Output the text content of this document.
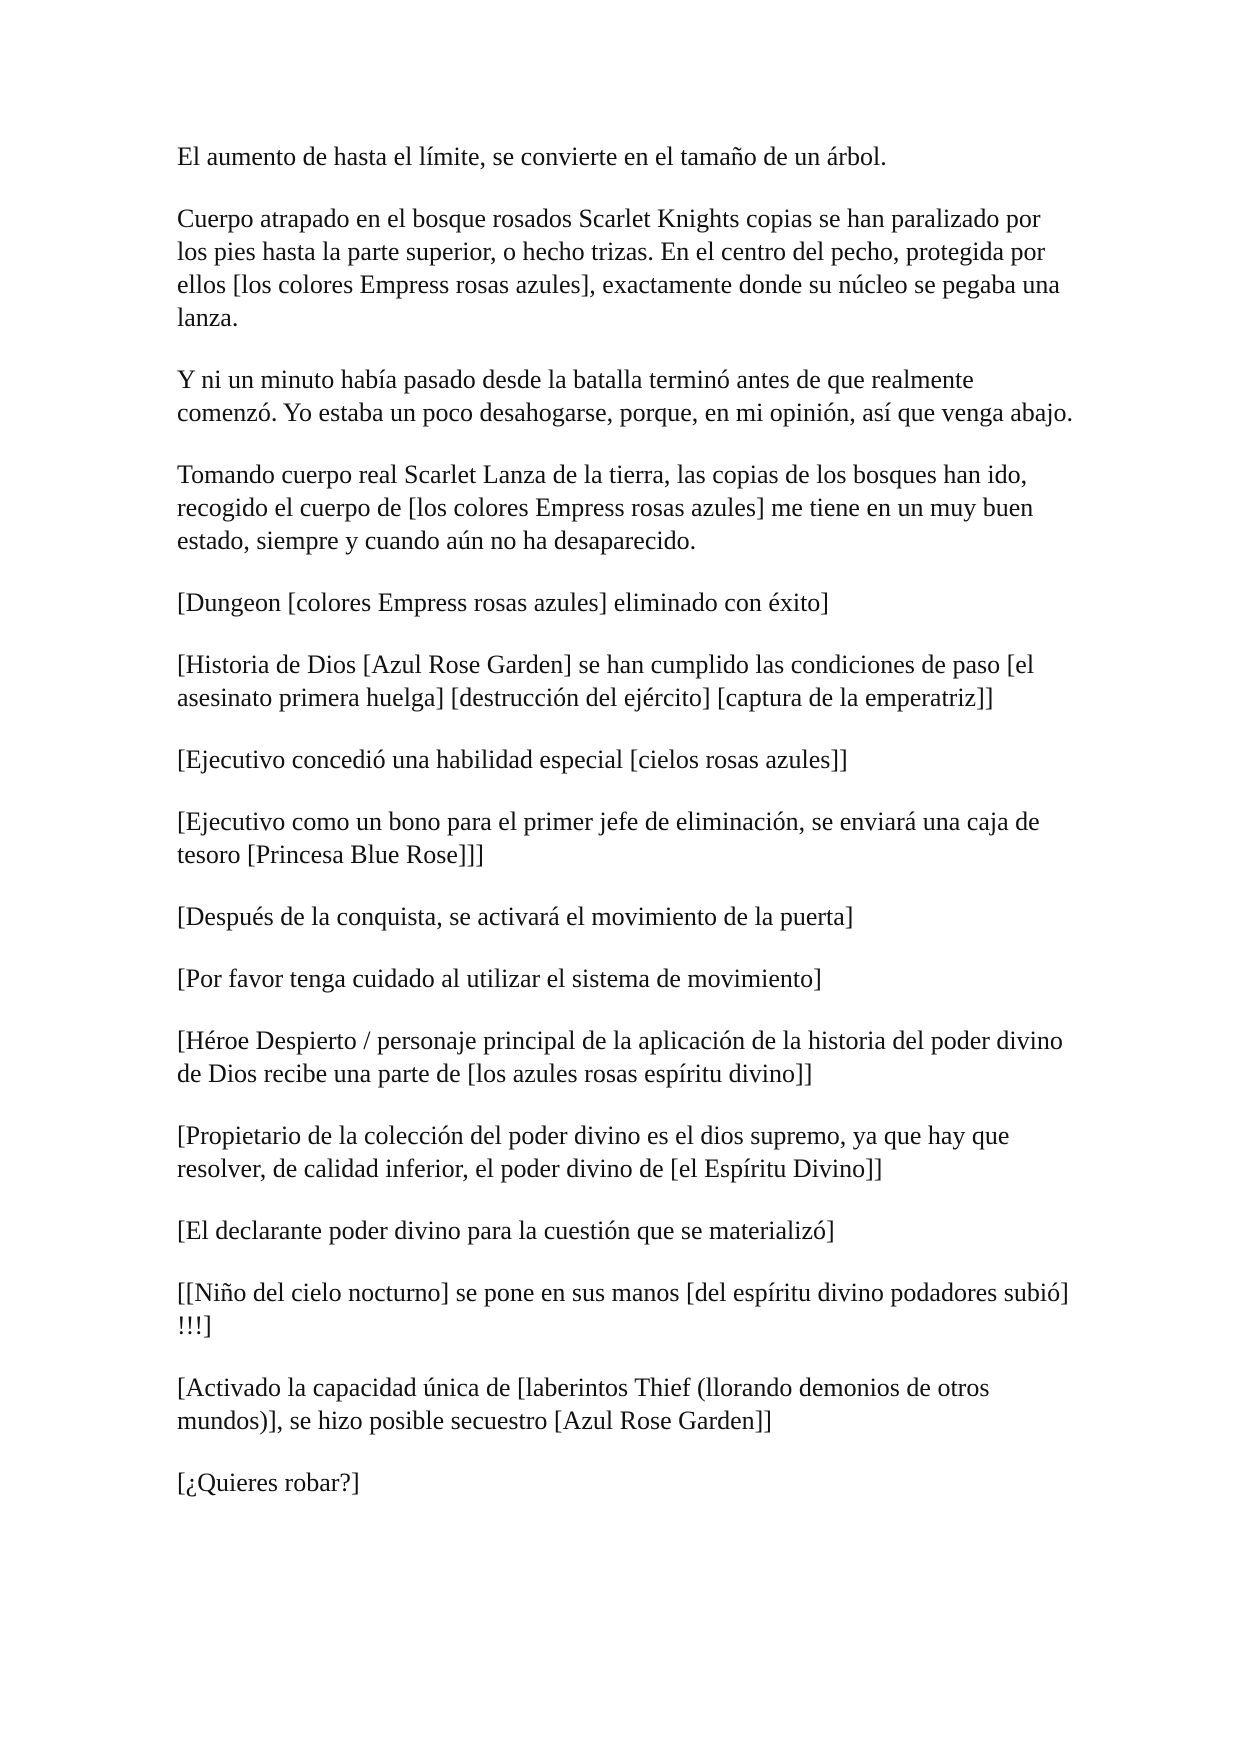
El aumento de hasta el límite, se convierte en el tamaño de un árbol.

Cuerpo atrapado en el bosque rosados Scarlet Knights copias se han paralizado por los pies hasta la parte superior, o hecho trizas. En el centro del pecho, protegida por ellos [los colores Empress rosas azules], exactamente donde su núcleo se pegaba una lanza.

Y ni un minuto había pasado desde la batalla terminó antes de que realmente comenzó. Yo estaba un poco desahogarse, porque, en mi opinión, así que venga abajo.

Tomando cuerpo real Scarlet Lanza de la tierra, las copias de los bosques han ido, recogido el cuerpo de [los colores Empress rosas azules] me tiene en un muy buen estado, siempre y cuando aún no ha desaparecido.

[Dungeon [colores Empress rosas azules] eliminado con éxito]

[Historia de Dios [Azul Rose Garden] se han cumplido las condiciones de paso [el asesinato primera huelga] [destrucción del ejército] [captura de la emperatriz]]

[Ejecutivo concedió una habilidad especial [cielos rosas azules]]

[Ejecutivo como un bono para el primer jefe de eliminación, se enviará una caja de tesoro [Princesa Blue Rose]]]

[Después de la conquista, se activará el movimiento de la puerta]

[Por favor tenga cuidado al utilizar el sistema de movimiento]

[Héroe Despierto / personaje principal de la aplicación de la historia del poder divino de Dios recibe una parte de [los azules rosas espíritu divino]]

[Propietario de la colección del poder divino es el dios supremo, ya que hay que resolver, de calidad inferior, el poder divino de [el Espíritu Divino]]

[El declarante poder divino para la cuestión que se materializó]

[[Niño del cielo nocturno] se pone en sus manos [del espíritu divino podadores subió] !!!]

[Activado la capacidad única de [laberintos Thief (llorando demonios de otros mundos)], se hizo posible secuestro [Azul Rose Garden]]

[¿Quieres robar?]
